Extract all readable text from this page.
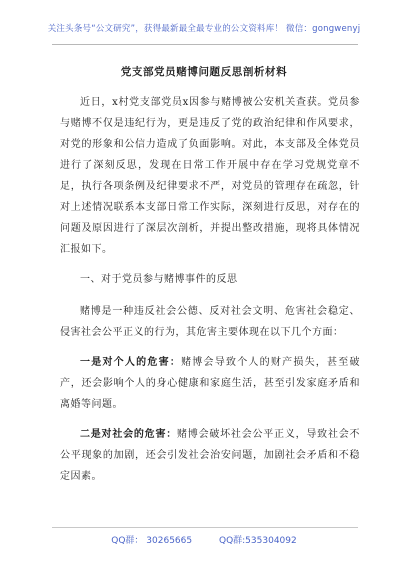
关注头条号“公文研究”，获得最新最全最专业的公文资料库！ 微信：gongwenyj
党支部党员赌博问题反思剖析材料

近日，x村党支部党员x因参与赌博被公安机关查获。党员参与赌博不仅是违纪行为，更是违反了党的政治纪律和作风要求，对党的形象和公信力造成了负面影响。对此，本支部及全体党员进行了深刻反思，发现在日常工作开展中存在学习党规党章不足，执行各项条例及纪律要求不严，对党员的管理存在疏忽，针对上述情况联系本支部日常工作实际，深刻进行反思，对存在的问题及原因进行了深层次剖析，并提出整改措施，现将具体情况汇报如下。

一、对于党员参与赌博事件的反思

赌博是一种违反社会公德、反对社会文明、危害社会稳定、侵害社会公平正义的行为，其危害主要体现在以下几个方面：

一是对个人的危害：赌博会导致个人的财产损失，甚至破产，还会影响个人的身心健康和家庭生活，甚至引发家庭矛盾和离婚等问题。

二是对社会的危害：赌博会破坏社会公平正义，导致社会不公平现象的加剧，还会引发社会治安问题，加剧社会矛盾和不稳定因素。

QQ群： 30265665	QQ群:535304092
